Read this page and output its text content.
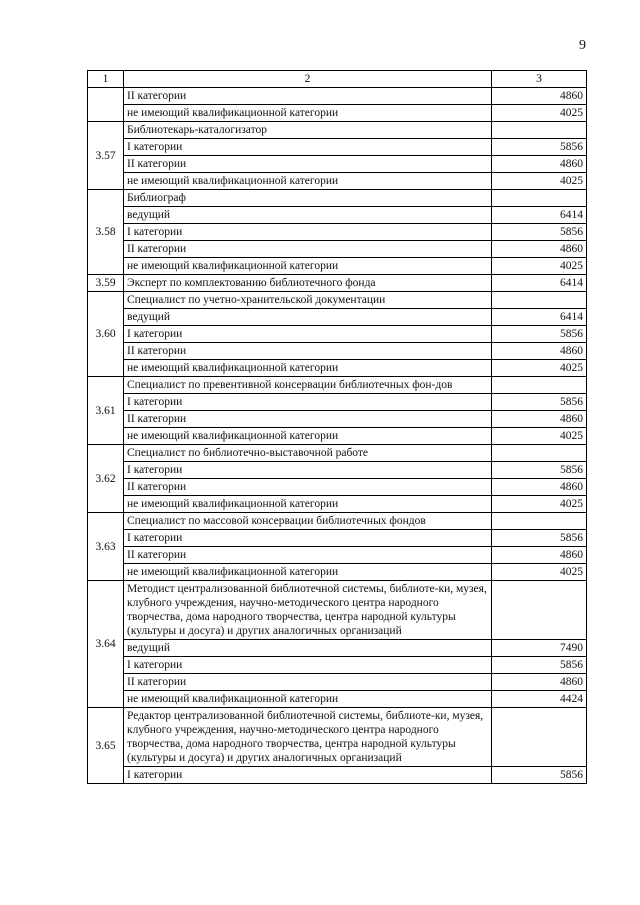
9
1	2	3
	II категории	4860
	не имеющий квалификационной категории	4025
3.57	Библиотекарь-каталогизатор	
	I категории	5856
	II категории	4860
	не имеющий квалификационной категории	4025
3.58	Библиограф	
	ведущий	6414
	I категории	5856
	II категории	4860
	не имеющий квалификационной категории	4025
3.59	Эксперт по комплектованию библиотечного фонда	6414
3.60	Специалист по учетно-хранительской документации	
	ведущий	6414
	I категории	5856
	II категории	4860
	не имеющий квалификационной категории	4025
3.61	Специалист по превентивной консервации библиотечных фон-дов	
	I категории	5856
	II категории	4860
	не имеющий квалификационной категории	4025
3.62	Специалист по библиотечно-выставочной работе	
	I категории	5856
	II категории	4860
	не имеющий квалификационной категории	4025
3.63	Специалист по массовой консервации библиотечных фондов	
	I категории	5856
	II категории	4860
	не имеющий квалификационной категории	4025
3.64	Методист централизованной библиотечной системы, библиоте-ки, музея, клубного учреждения, научно-методического центра народного творчества, дома народного творчества, центра народной культуры (культуры и досуга) и других аналогичных организаций	
	ведущий	7490
	I категории	5856
	II категории	4860
	не имеющий квалификационной категории	4424
3.65	Редактор централизованной библиотечной системы, библиоте-ки, музея, клубного учреждения, научно-методического центра народного творчества, дома народного творчества, центра народной культуры (культуры и досуга) и других аналогичных организаций	
	I категории	5856
